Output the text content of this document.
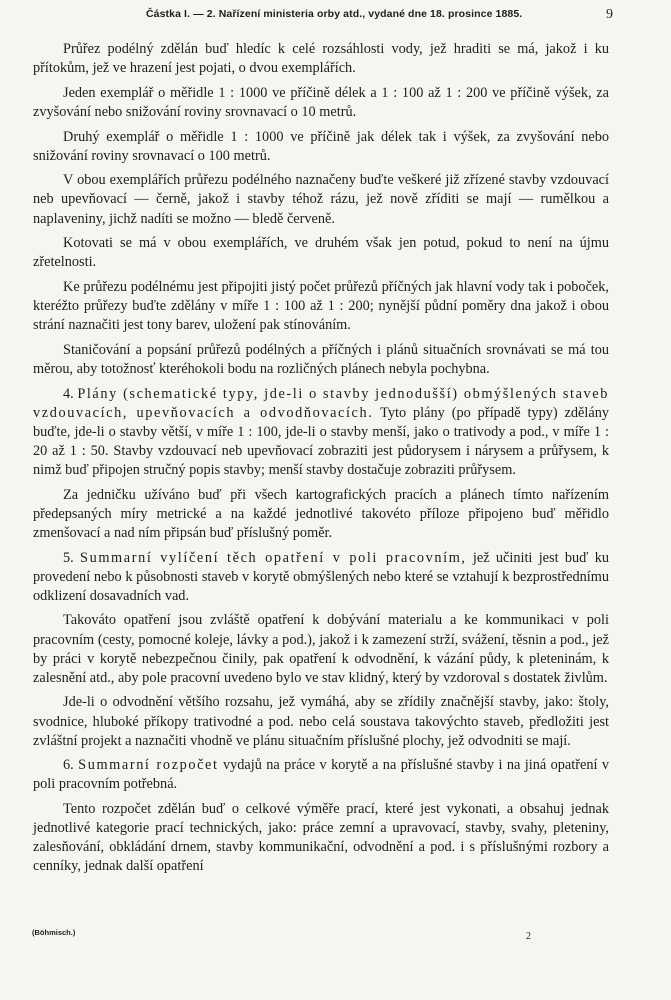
Částka I. — 2. Nařízení ministeria orby atd., vydané dne 18. prosince 1885.	9

Průřez podélný zdělán buď hledíc k celé rozsáhlosti vody, jež hraditi se má, jakož i ku přítokům, jež ve hrazení jest pojati, o dvou exemplářích.

Jeden exemplář o měřidle 1 : 1000 ve příčině délek a 1 : 100 až 1 : 200 ve příčině výšek, za zvyšování nebo snižování roviny srovnavací o 10 metrů.

Druhý exemplář o měřidle 1 : 1000 ve příčině jak délek tak i výšek, za zvyšování nebo snižování roviny srovnavací o 100 metrů.

V obou exemplářích průřezu podélného naznačeny buďte veškeré již zřízené stavby vzdouvací neb upevňovací — černě, jakož i stavby téhož rázu, jež nově zříditi se mají — rumělkou a naplaveniny, jichž nadíti se možno — bledě červeně.

Kotovati se má v obou exemplářích, ve druhém však jen potud, pokud to není na újmu zřetelnosti.

Ke průřezu podélnému jest připojiti jistý počet průřezů příčných jak hlavní vody tak i poboček, kteréžto průřezy buďte zdělány v míře 1 : 100 až 1 : 200; nynější půdní poměry dna jakož i obou strání naznačiti jest tony barev, uložení pak stínováním.

Staničování a popsání průřezů podélných a příčných i plánů situačních srovnávati se má tou měrou, aby totožnosť kteréhokoli bodu na rozličných plánech nebyla pochybna.

4. Plány (schematické typy, jde-li o stavby jednodušší) obmýšlených staveb vzdouvacích, upevňovacích a odvodňovacích. Tyto plány (po případě typy) zdělány buďte, jde-li o stavby větší, v míře 1 : 100, jde-li o stavby menší, jako o trativody a pod., v míře 1 : 20 až 1 : 50. Stavby vzdouvací neb upevňovací zobraziti jest půdorysem i nárysem a průřysem, k nimž buď připojen stručný popis stavby; menší stavby dostačuje zobraziti průřysem.

Za jedničku užíváno buď při všech kartografických pracích a plánech tímto nařízením předepsaných míry metrické a na každé jednotlivé takovéto příloze připojeno buď měřidlo zmenšovací a nad ním připsán buď příslušný poměr.

5. Summarní vylíčení těch opatření v poli pracovním, jež učiniti jest buď ku provedení nebo k působnosti staveb v korytě obmýšlených nebo které se vztahují k bezprostřednímu odklizení dosavadních vad.

Takováto opatření jsou zvláště opatření k dobývání materialu a ke kommunikaci v poli pracovním (cesty, pomocné koleje, lávky a pod.), jakož i k zamezení strží, svážení, těsnin a pod., jež by práci v korytě nebezpečnou činily, pak opatření k odvodnění, k vázání půdy, k pleteninám, k zalesnění atd., aby pole pracovní uvedeno bylo ve stav klidný, který by vzdoroval s dostatek živlům.

Jde-li o odvodnění většího rozsahu, jež vymáhá, aby se zřídily značnější stavby, jako: štoly, svodnice, hluboké příkopy trativodné a pod. nebo celá soustava takovýchto staveb, předložiti jest zvláštní projekt a naznačiti vhodně ve plánu situačním příslušné plochy, jež odvodniti se mají.

6. Summarní rozpočet vydajů na práce v korytě a na příslušné stavby i na jiná opatření v poli pracovním potřebná.

Tento rozpočet zdělán buď o celkové výměře prací, které jest vykonati, a obsahuj jednak jednotlivé kategorie prací technických, jako: práce zemní a upravovací, stavby, svahy, pleteniny, zalesňování, obkládání drnem, stavby kommunikační, odvodnění a pod. i s příslušnými rozbory a cenníky, jednak další opatření

(Böhmisch.)	2
